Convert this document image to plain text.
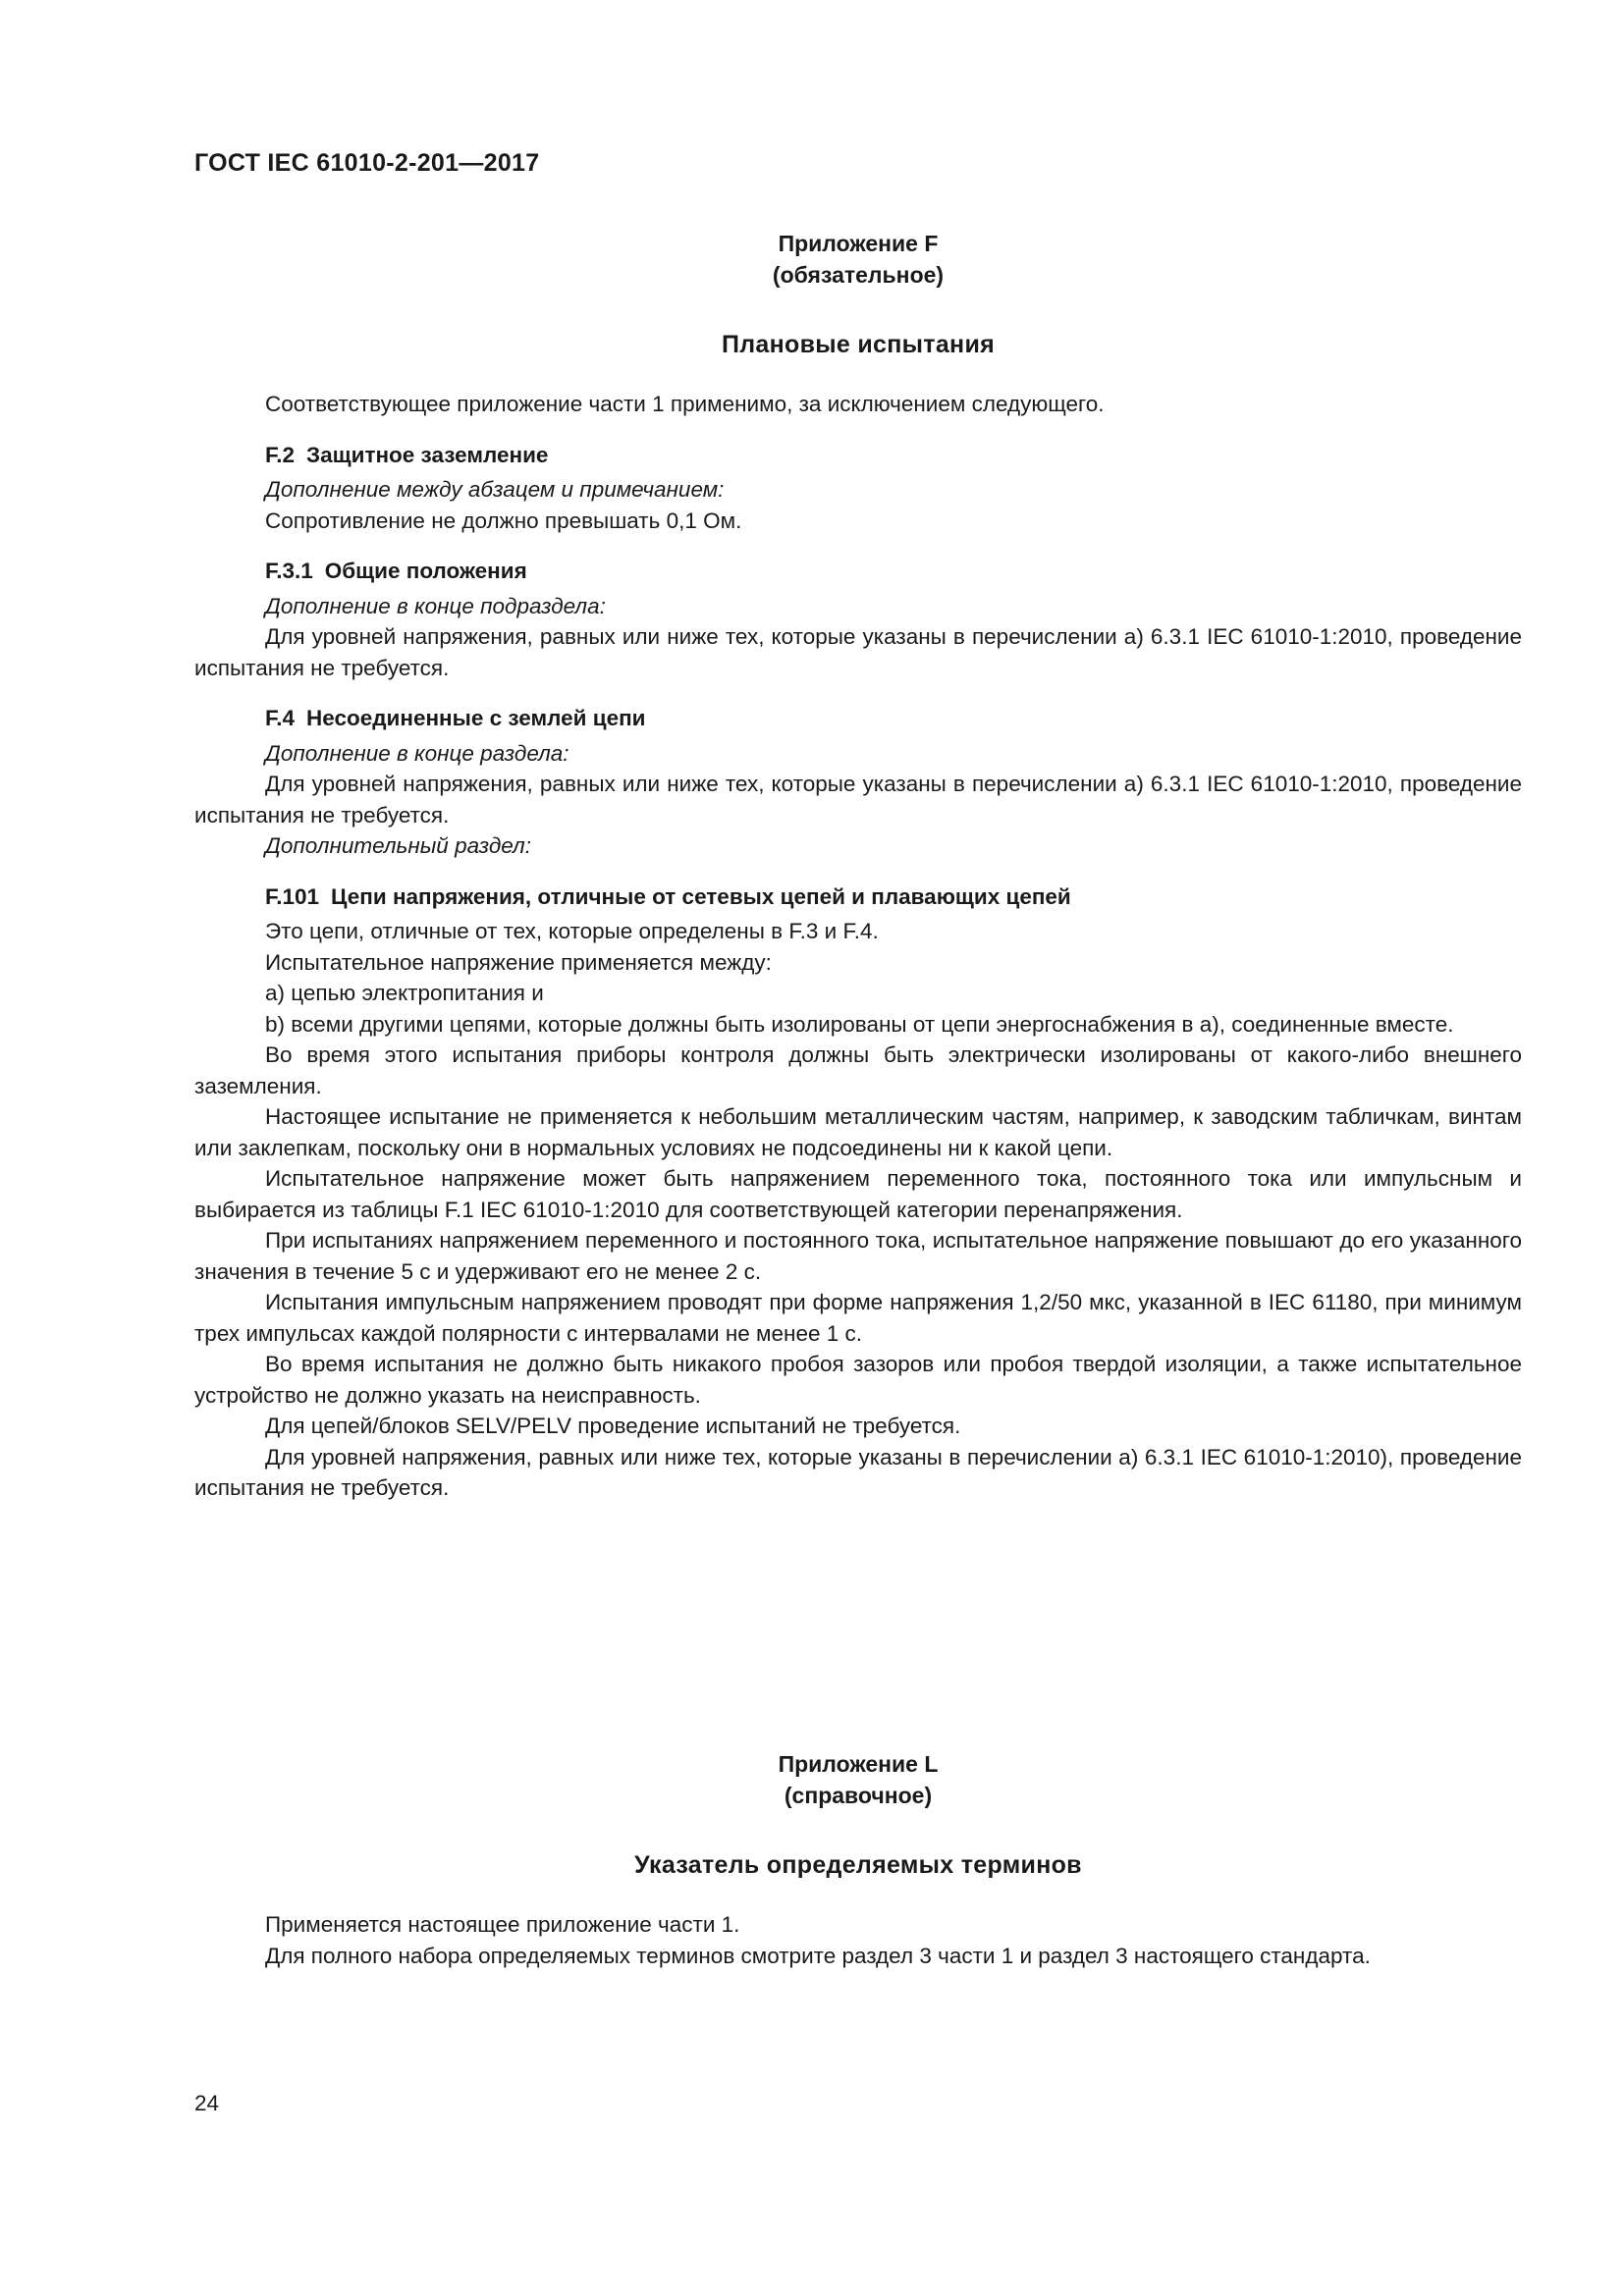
ГОСТ IEC 61010-2-201—2017
Приложение F
(обязательное)
Плановые испытания

Соответствующее приложение части 1 применимо, за исключением следующего.

F.2 Защитное заземление

Дополнение между абзацем и примечанием:

Сопротивление не должно превышать 0,1 Ом.

F.3.1 Общие положения

Дополнение в конце подраздела:

Для уровней напряжения, равных или ниже тех, которые указаны в перечислении a) 6.3.1 IEC 61010-1:2010, проведение испытания не требуется.

F.4 Несоединенные с землей цепи

Дополнение в конце раздела:

Для уровней напряжения, равных или ниже тех, которые указаны в перечислении a) 6.3.1 IEC 61010-1:2010, проведение испытания не требуется.

Дополнительный раздел:

F.101 Цепи напряжения, отличные от сетевых цепей и плавающих цепей

Это цепи, отличные от тех, которые определены в F.3 и F.4.

Испытательное напряжение применяется между:

a) цепью электропитания и

b) всеми другими цепями, которые должны быть изолированы от цепи энергоснабжения в a), соединенные вместе.

Во время этого испытания приборы контроля должны быть электрически изолированы от какого-либо внешнего заземления.

Настоящее испытание не применяется к небольшим металлическим частям, например, к заводским табличкам, винтам или заклепкам, поскольку они в нормальных условиях не подсоединены ни к какой цепи.

Испытательное напряжение может быть напряжением переменного тока, постоянного тока или импульсным и выбирается из таблицы F.1 IEC 61010-1:2010 для соответствующей категории перенапряжения.

При испытаниях напряжением переменного и постоянного тока, испытательное напряжение повышают до его указанного значения в течение 5 с и удерживают его не менее 2 с.

Испытания импульсным напряжением проводят при форме напряжения 1,2/50 мкс, указанной в IEC 61180, при минимум трех импульсах каждой полярности с интервалами не менее 1 с.

Во время испытания не должно быть никакого пробоя зазоров или пробоя твердой изоляции, а также испытательное устройство не должно указать на неисправность.

Для цепей/блоков SELV/PELV проведение испытаний не требуется.

Для уровней напряжения, равных или ниже тех, которые указаны в перечислении a) 6.3.1 IEC 61010-1:2010), проведение испытания не требуется.

Приложение L
(справочное)
Указатель определяемых терминов

Применяется настоящее приложение части 1.

Для полного набора определяемых терминов смотрите раздел 3 части 1 и раздел 3 настоящего стандарта.

24
